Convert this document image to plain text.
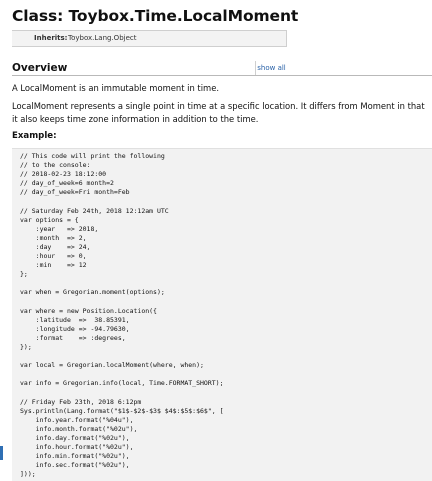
Class: Toybox.Time.LocalMoment
Inherits: Toybox.Lang.Object
show all
Overview

A LocalMoment is an immutable moment in time.

LocalMoment represents a single point in time at a specific location. It differs from Moment in that it also keeps time zone information in addition to the time.

Example:
// This code will print the following
// to the console:
// 2018-02-23 18:12:00
// day_of_week=6 month=2
// day_of_week=Fri month=Feb

// Saturday Feb 24th, 2018 12:12am UTC
var options = {
:year   => 2018,
:month  => 2,
:day    => 24,
:hour   => 0,
:min    => 12
};

var when = Gregorian.moment(options);

var where = new Position.Location({
:latitude  =>  38.85391,
:longitude => -94.79630,
:format    => :degrees,
});

var local = Gregorian.localMoment(where, when);

var info = Gregorian.info(local, Time.FORMAT_SHORT);

// Friday Feb 23th, 2018 6:12pm
Sys.println(Lang.format("$1$-$2$-$3$ $4$:$5$:$6$", [
info.year.format("%04u"),
info.month.format("%02u"),
info.day.format("%02u"),
info.hour.format("%02u"),
info.min.format("%02u"),
info.sec.format("%02u"),
]));
